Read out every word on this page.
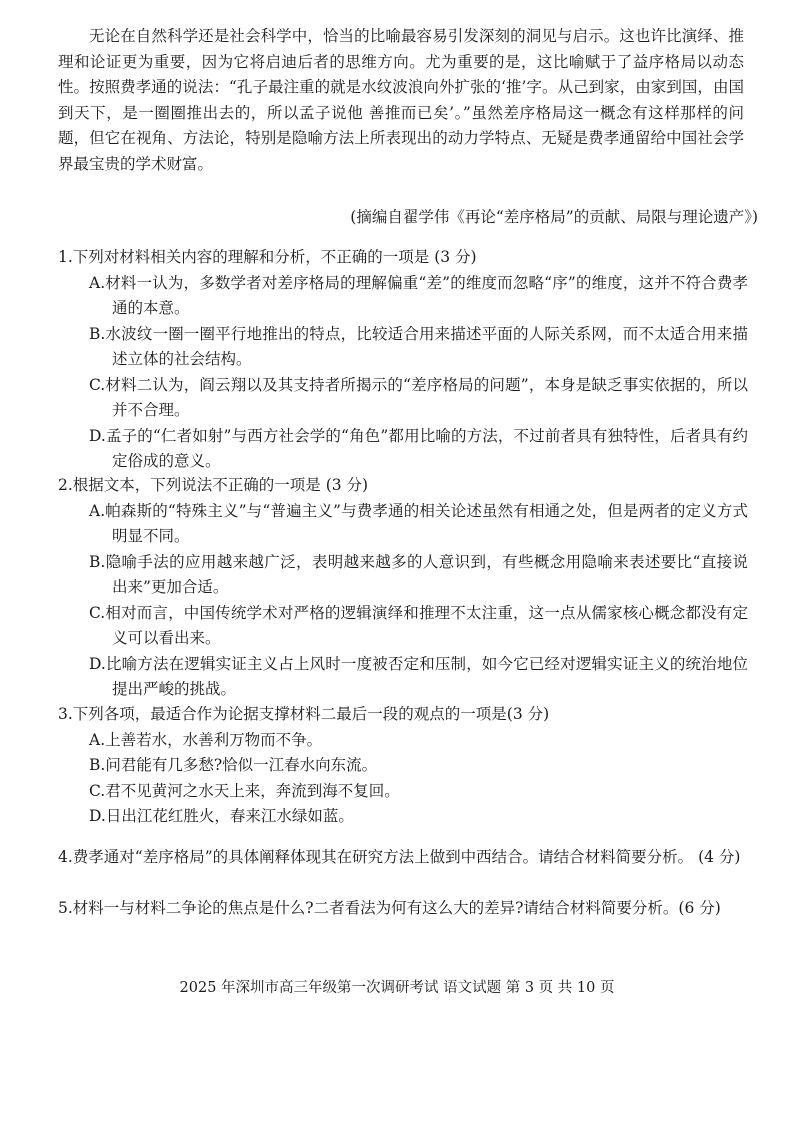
无论在自然科学还是社会科学中，恰当的比喻最容易引发深刻的洞见与启示。这也许比演绎、推理和论证更为重要，因为它将启迪后者的思维方向。尤为重要的是，这比喻赋于了益序格局以动态性。按照费孝通的说法：“孔子最注重的就是水纹波浪向外扩张的‘推’字。从己到家，由家到国，由国到天下，是一圈圈推出去的，所以孟子说他 善推而已矣’。”虽然差序格局这一概念有这样那样的问题，但它在视角、方法论，特别是隐喻方法上所表现出的动力学特点、无疑是费孝通留给中国社会学界最宝贵的学术财富。

(摘编自翟学伟《再论“差序格局”的贡献、局限与理论遗产》)
1.下列对材料相关内容的理解和分析，不正确的一项是 (3 分)
A.材料一认为，多数学者对差序格局的理解偏重“差”的维度而忽略“序”的维度，这并不符合费孝通的本意。
B.水波纹一圈一圈平行地推出的特点，比较适合用来描述平面的人际关系网，而不太适合用来描述立体的社会结构。
C.材料二认为，阎云翔以及其支持者所揭示的“差序格局的问题”，本身是缺乏事实依据的，所以并不合理。
D.孟子的“仁者如射”与西方社会学的“角色”都用比喻的方法，不过前者具有独特性，后者具有约定俗成的意义。
2.根据文本，下列说法不正确的一项是 (3 分)
A.帕森斯的“特殊主义”与“普遍主义”与费孝通的相关论述虽然有相通之处，但是两者的定义方式明显不同。
B.隐喻手法的应用越来越广泛，表明越来越多的人意识到，有些概念用隐喻来表述要比“直接说出来”更加合适。
C.相对而言，中国传统学术对严格的逻辑演绎和推理不太注重，这一点从儒家核心概念都没有定义可以看出来。
D.比喻方法在逻辑实证主义占上风时一度被否定和压制，如今它已经对逻辑实证主义的统治地位提出严峻的挑战。
3.下列各项，最适合作为论据支撑材料二最后一段的观点的一项是(3 分)
A.上善若水，水善利万物而不争。
B.问君能有几多愁?恰似一江春水向东流。
C.君不见黄河之水天上来，奔流到海不复回。
D.日出江花红胜火，春来江水绿如蓝。
4.费孝通对“差序格局”的具体阐释体现其在研究方法上做到中西结合。请结合材料简要分析。 (4 分)
5.材料一与材料二争论的焦点是什么?二者看法为何有这么大的差异?请结合材料简要分析。(6 分)
2025 年深圳市高三年级第一次调研考试 语文试题 第 3 页 共 10 页
